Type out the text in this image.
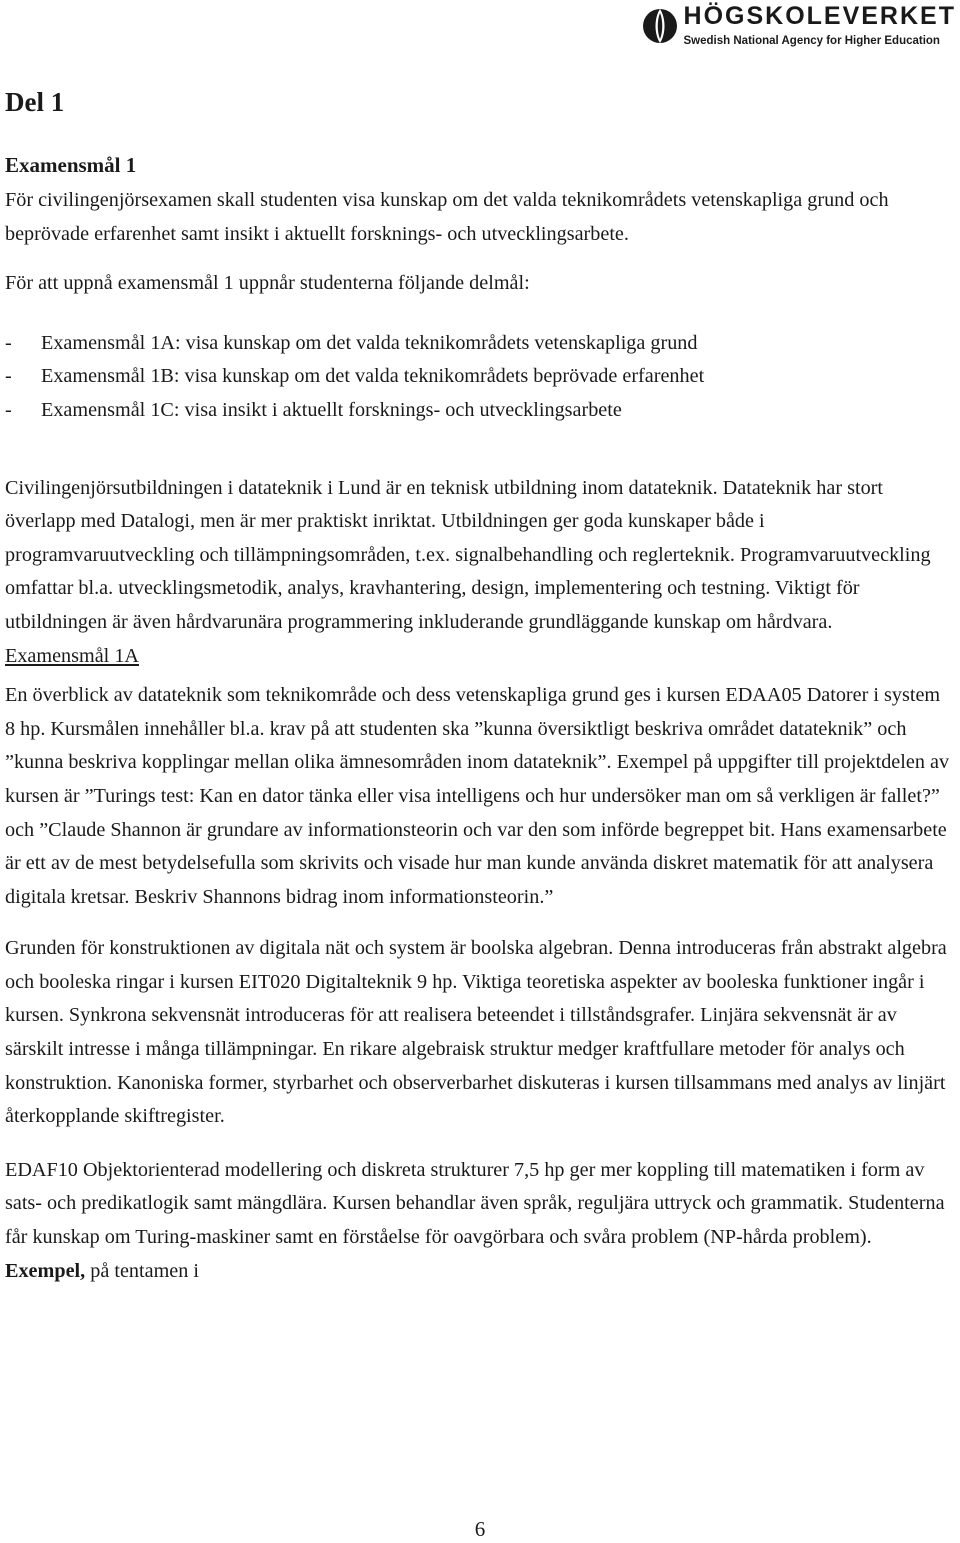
HÖGSKOLEVERKET
Swedish National Agency for Higher Education
Del 1
Examensmål 1

För civilingenjörsexamen skall studenten visa kunskap om det valda teknikområdets vetenskapliga grund och beprövade erfarenhet samt insikt i aktuellt forsknings- och utvecklingsarbete.

För att uppnå examensmål 1 uppnår studenterna följande delmål:

-	Examensmål 1A: visa kunskap om det valda teknikområdets vetenskapliga grund
-	Examensmål 1B: visa kunskap om det valda teknikområdets beprövade erfarenhet
-	Examensmål 1C: visa insikt i aktuellt forsknings- och utvecklingsarbete

Civilingenjörsutbildningen i datateknik i Lund är en teknisk utbildning inom datateknik. Datateknik har stort överlapp med Datalogi, men är mer praktiskt inriktat. Utbildningen ger goda kunskaper både i programvaruutveckling och tillämpningsområden, t.ex. signalbehandling och reglerteknik. Programvaruutveckling omfattar bl.a. utvecklingsmetodik, analys, kravhantering, design, implementering och testning. Viktigt för utbildningen är även hårdvarunära programmering inkluderande grundläggande kunskap om hårdvara.

Examensmål 1A

En överblick av datateknik som teknikområde och dess vetenskapliga grund ges i kursen EDAA05 Datorer i system 8 hp. Kursmålen innehåller bl.a. krav på att studenten ska ”kunna översiktligt beskriva området datateknik” och ”kunna beskriva kopplingar mellan olika ämnesområden inom datateknik”. Exempel på uppgifter till projektdelen av kursen är ”Turings test: Kan en dator tänka eller visa intelligens och hur undersöker man om så verkligen är fallet?” och ”Claude Shannon är grundare av informationsteorin och var den som införde begreppet bit. Hans examensarbete är ett av de mest betydelsefulla som skrivits och visade hur man kunde använda diskret matematik för att analysera digitala kretsar. Beskriv Shannons bidrag inom informationsteorin.”

Grunden för konstruktionen av digitala nät och system är boolska algebran. Denna introduceras från abstrakt algebra och booleska ringar i kursen EIT020 Digitalteknik 9 hp. Viktiga teoretiska aspekter av booleska funktioner ingår i kursen. Synkrona sekvensnät introduceras för att realisera beteendet i tillståndsgrafer. Linjära sekvensnät är av särskilt intresse i många tillämpningar. En rikare algebraisk struktur medger kraftfullare metoder för analys och konstruktion. Kanoniska former, styrbarhet och observerbarhet diskuteras i kursen tillsammans med analys av linjärt återkopplande skiftregister.

EDAF10 Objektorienterad modellering och diskreta strukturer 7,5 hp ger mer koppling till matematiken i form av sats- och predikatlogik samt mängdlära. Kursen behandlar även språk, reguljära uttryck och grammatik. Studenterna får kunskap om Turing-maskiner samt en förståelse för oavgörbara och svåra problem (NP-hårda problem). Exempel, på tentamen i

6
